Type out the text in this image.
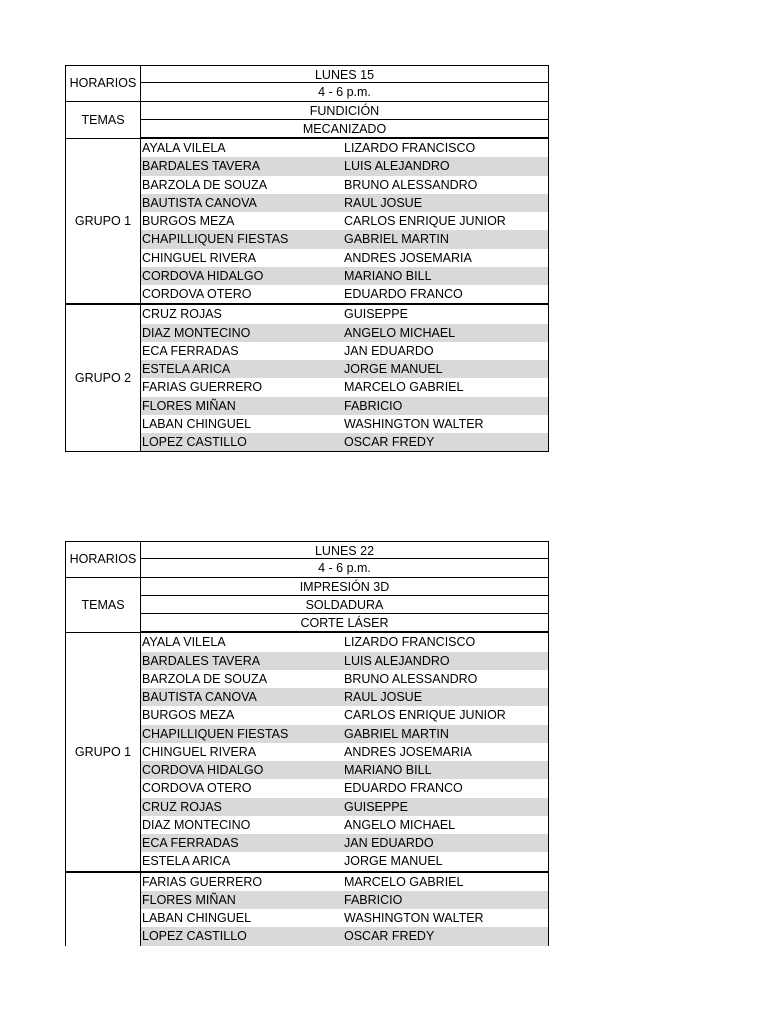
HORARIOS
LUNES 15
4 - 6 p.m.
TEMAS
FUNDICIÓN
MECANIZADO
GRUPO 1
AYALA VILELA	LIZARDO FRANCISCO
BARDALES TAVERA	LUIS ALEJANDRO
BARZOLA DE SOUZA	BRUNO ALESSANDRO
BAUTISTA CANOVA	RAUL JOSUE
BURGOS MEZA	CARLOS ENRIQUE JUNIOR
CHAPILLIQUEN FIESTAS	GABRIEL MARTIN
CHINGUEL RIVERA	ANDRES JOSEMARIA
CORDOVA HIDALGO	MARIANO BILL
CORDOVA OTERO	EDUARDO FRANCO
GRUPO 2
CRUZ ROJAS	GUISEPPE
DIAZ MONTECINO	ANGELO MICHAEL
ECA FERRADAS	JAN EDUARDO
ESTELA ARICA	JORGE MANUEL
FARIAS GUERRERO	MARCELO GABRIEL
FLORES MIÑAN	FABRICIO
LABAN CHINGUEL	WASHINGTON WALTER
LOPEZ CASTILLO	OSCAR FREDY
HORARIOS
LUNES 22
4 - 6 p.m.
TEMAS
IMPRESIÓN 3D
SOLDADURA
CORTE LÁSER
GRUPO 1
AYALA VILELA	LIZARDO FRANCISCO
BARDALES TAVERA	LUIS ALEJANDRO
BARZOLA DE SOUZA	BRUNO ALESSANDRO
BAUTISTA CANOVA	RAUL JOSUE
BURGOS MEZA	CARLOS ENRIQUE JUNIOR
CHAPILLIQUEN FIESTAS	GABRIEL MARTIN
CHINGUEL RIVERA	ANDRES JOSEMARIA
CORDOVA HIDALGO	MARIANO BILL
CORDOVA OTERO	EDUARDO FRANCO
CRUZ ROJAS	GUISEPPE
DIAZ MONTECINO	ANGELO MICHAEL
ECA FERRADAS	JAN EDUARDO
ESTELA ARICA	JORGE MANUEL
FARIAS GUERRERO	MARCELO GABRIEL
FLORES MIÑAN	FABRICIO
LABAN CHINGUEL	WASHINGTON WALTER
LOPEZ CASTILLO	OSCAR FREDY
